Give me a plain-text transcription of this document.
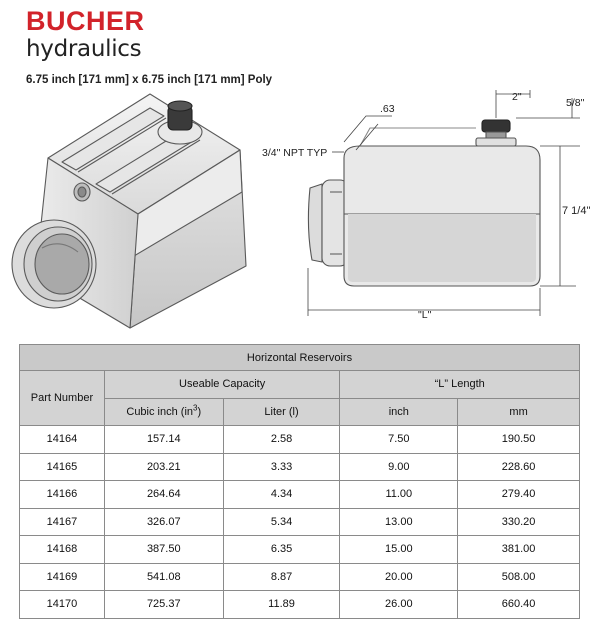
BUCHER
hydraulics
6.75 inch [171 mm] x 6.75 inch [171 mm] Poly
.63
3/4" NPT TYP
2"	5/8"
7 1/4"
"L"
Horizontal Reservoirs				
Part Number	Useable Capacity		“L” Length	
	Cubic inch $(in^3)$	Liter (l)	inch	mm
14164	157.14	2.58	7.50	190.50
14165	203.21	3.33	9.00	228.60
14166	264.64	4.34	11.00	279.40
14167	326.07	5.34	13.00	330.20
14168	387.50	6.35	15.00	381.00
14169	541.08	8.87	20.00	508.00
14170	725.37	11.89	26.00	660.40
